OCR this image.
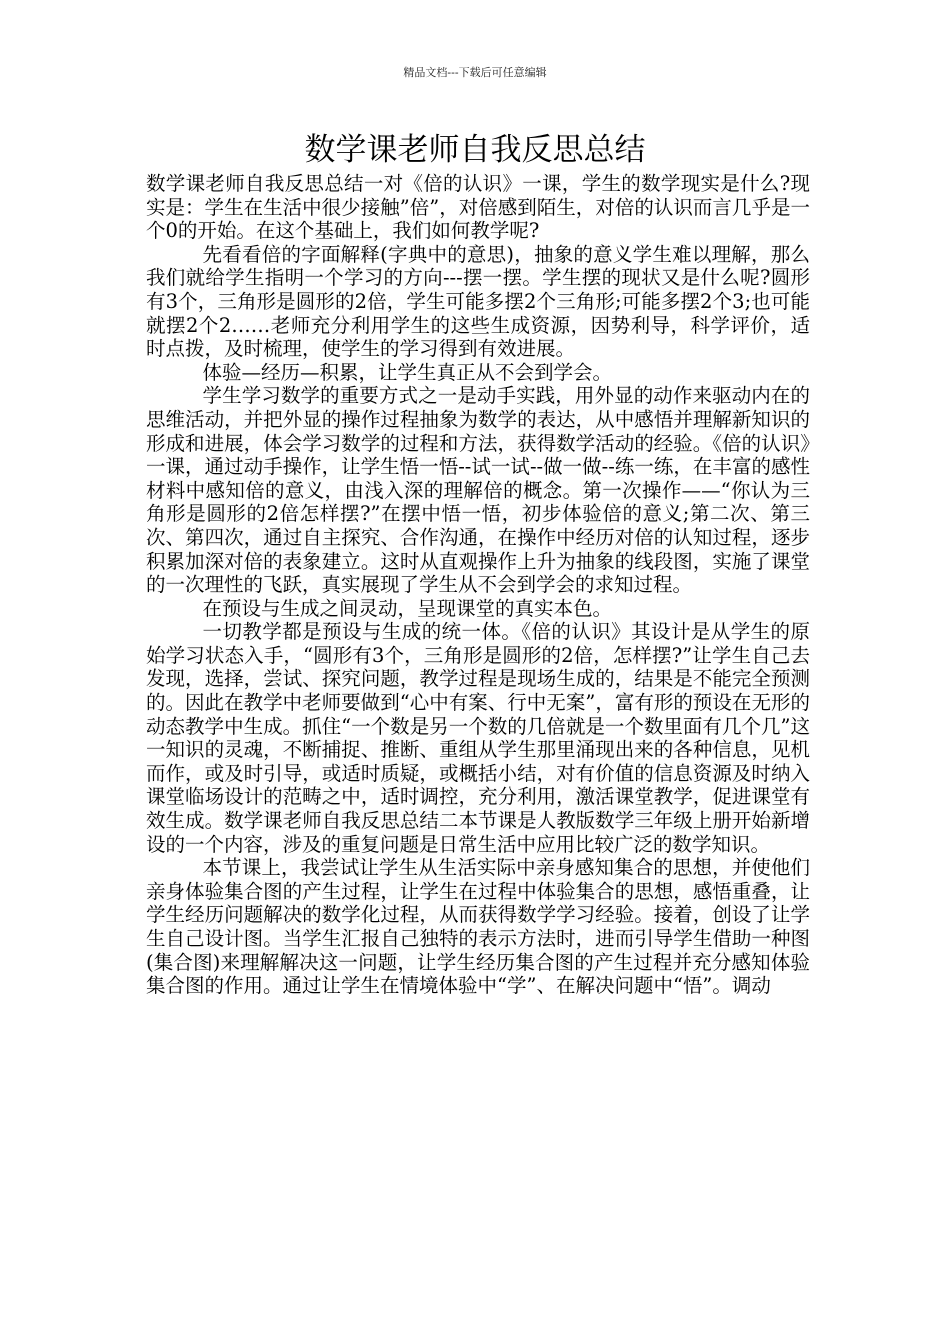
精品文档---下载后可任意编辑
数学课老师自我反思总结

数学课老师自我反思总结一对《倍的认识》一课，学生的数学现实是什么?现实是：学生在生活中很少接触”倍”，对倍感到陌生，对倍的认识而言几乎是一个0的开始。在这个基础上，我们如何教学呢?

先看看倍的字面解释(字典中的意思)，抽象的意义学生难以理解，那么我们就给学生指明一个学习的方向---摆一摆。学生摆的现状又是什么呢?圆形有3个，三角形是圆形的2倍，学生可能多摆2个三角形;可能多摆2个3;也可能就摆2个2……老师充分利用学生的这些生成资源，因势利导，科学评价，适时点拨，及时梳理，使学生的学习得到有效进展。

体验—经历—积累，让学生真正从不会到学会。

学生学习数学的重要方式之一是动手实践，用外显的动作来驱动内在的思维活动，并把外显的操作过程抽象为数学的表达，从中感悟并理解新知识的形成和进展，体会学习数学的过程和方法，获得数学活动的经验。《倍的认识》一课，通过动手操作，让学生悟一悟--试一试--做一做--练一练，在丰富的感性材料中感知倍的意义，由浅入深的理解倍的概念。第一次操作——“你认为三角形是圆形的2倍怎样摆?”在摆中悟一悟，初步体验倍的意义;第二次、第三次、第四次，通过自主探究、合作沟通，在操作中经历对倍的认知过程，逐步积累加深对倍的表象建立。这时从直观操作上升为抽象的线段图，实施了课堂的一次理性的飞跃，真实展现了学生从不会到学会的求知过程。

在预设与生成之间灵动，呈现课堂的真实本色。

一切教学都是预设与生成的统一体。《倍的认识》其设计是从学生的原始学习状态入手，“圆形有3个，三角形是圆形的2倍，怎样摆?”让学生自己去发现，选择，尝试、探究问题，教学过程是现场生成的，结果是不能完全预测的。因此在教学中老师要做到“心中有案、行中无案”，富有形的预设在无形的动态教学中生成。抓住“一个数是另一个数的几倍就是一个数里面有几个几”这一知识的灵魂，不断捕捉、推断、重组从学生那里涌现出来的各种信息，见机而作，或及时引导，或适时质疑，或概括小结，对有价值的信息资源及时纳入课堂临场设计的范畴之中，适时调控，充分利用，激活课堂教学，促进课堂有效生成。数学课老师自我反思总结二本节课是人教版数学三年级上册开始新增设的一个内容，涉及的重复问题是日常生活中应用比较广泛的数学知识。

本节课上，我尝试让学生从生活实际中亲身感知集合的思想，并使他们亲身体验集合图的产生过程，让学生在过程中体验集合的思想，感悟重叠，让学生经历问题解决的数学化过程，从而获得数学学习经验。接着，创设了让学生自己设计图。当学生汇报自己独特的表示方法时，进而引导学生借助一种图(集合图)来理解解决这一问题，让学生经历集合图的产生过程并充分感知体验集合图的作用。通过让学生在情境体验中“学”、在解决问题中“悟”。调动
